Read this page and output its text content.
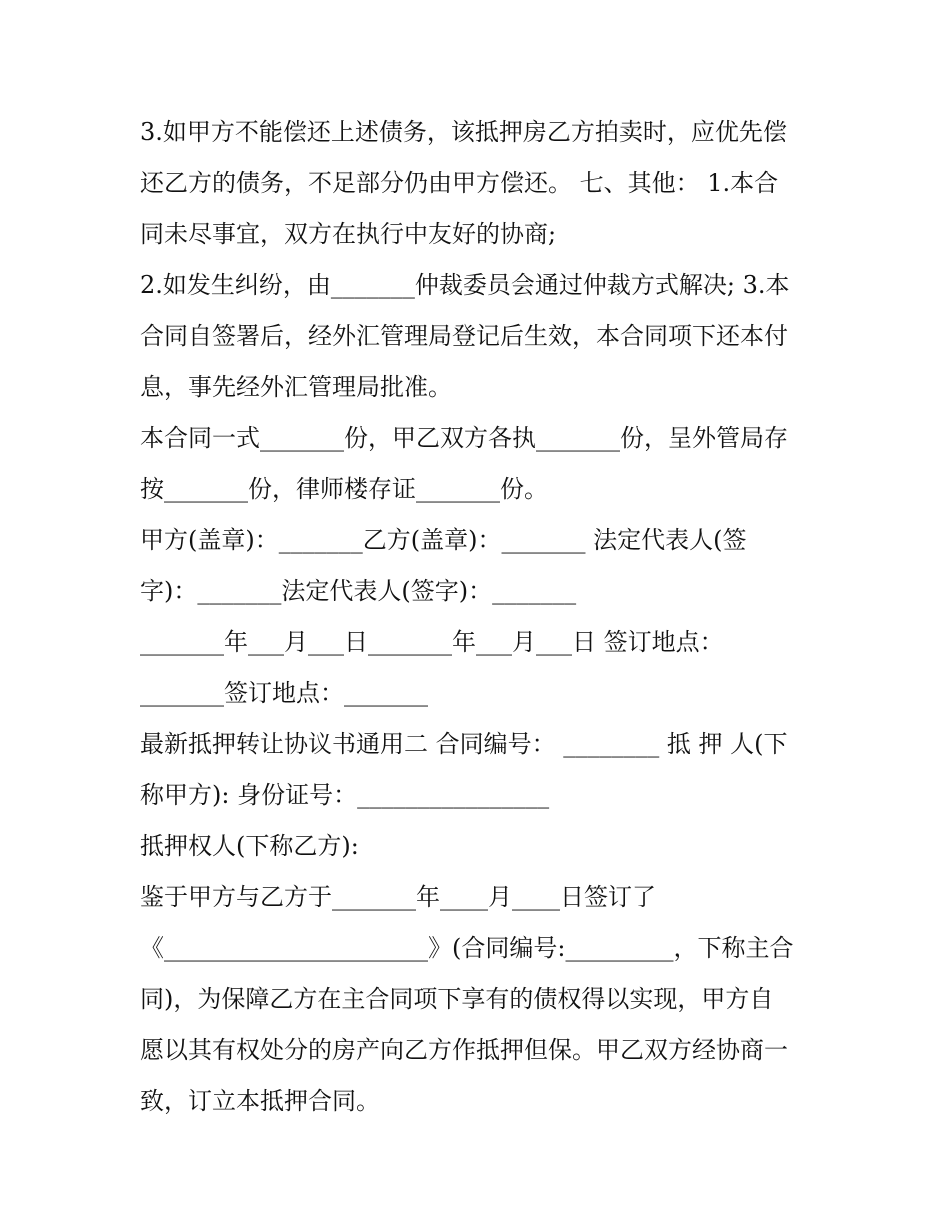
3.如甲方不能偿还上述债务，该抵押房乙方拍卖时，应优先偿
还乙方的债务，不足部分仍由甲方偿还。 七、其他： 1.本合
同未尽事宜，双方在执行中友好的协商;
2.如发生纠纷，由_______仲裁委员会通过仲裁方式解决; 3.本
合同自签署后，经外汇管理局登记后生效，本合同项下还本付
息，事先经外汇管理局批准。
本合同一式_______份，甲乙双方各执_______份，呈外管局存
按_______份，律师楼存证_______份。
甲方(盖章)：_______乙方(盖章)：_______ 法定代表人(签
字)：_______法定代表人(签字)：_______
_______年___月___日_______年___月___日 签订地点：
_______签订地点：_______
最新抵押转让协议书通用二 合同编号： ________ 抵 押 人(下
称甲方): 身份证号：________________
抵押权人(下称乙方):
鉴于甲方与乙方于_______年____月____日签订了
《______________________》(合同编号:_________，下称主合
同)，为保障乙方在主合同项下享有的债权得以实现，甲方自
愿以其有权处分的房产向乙方作抵押但保。甲乙双方经协商一
致，订立本抵押合同。
